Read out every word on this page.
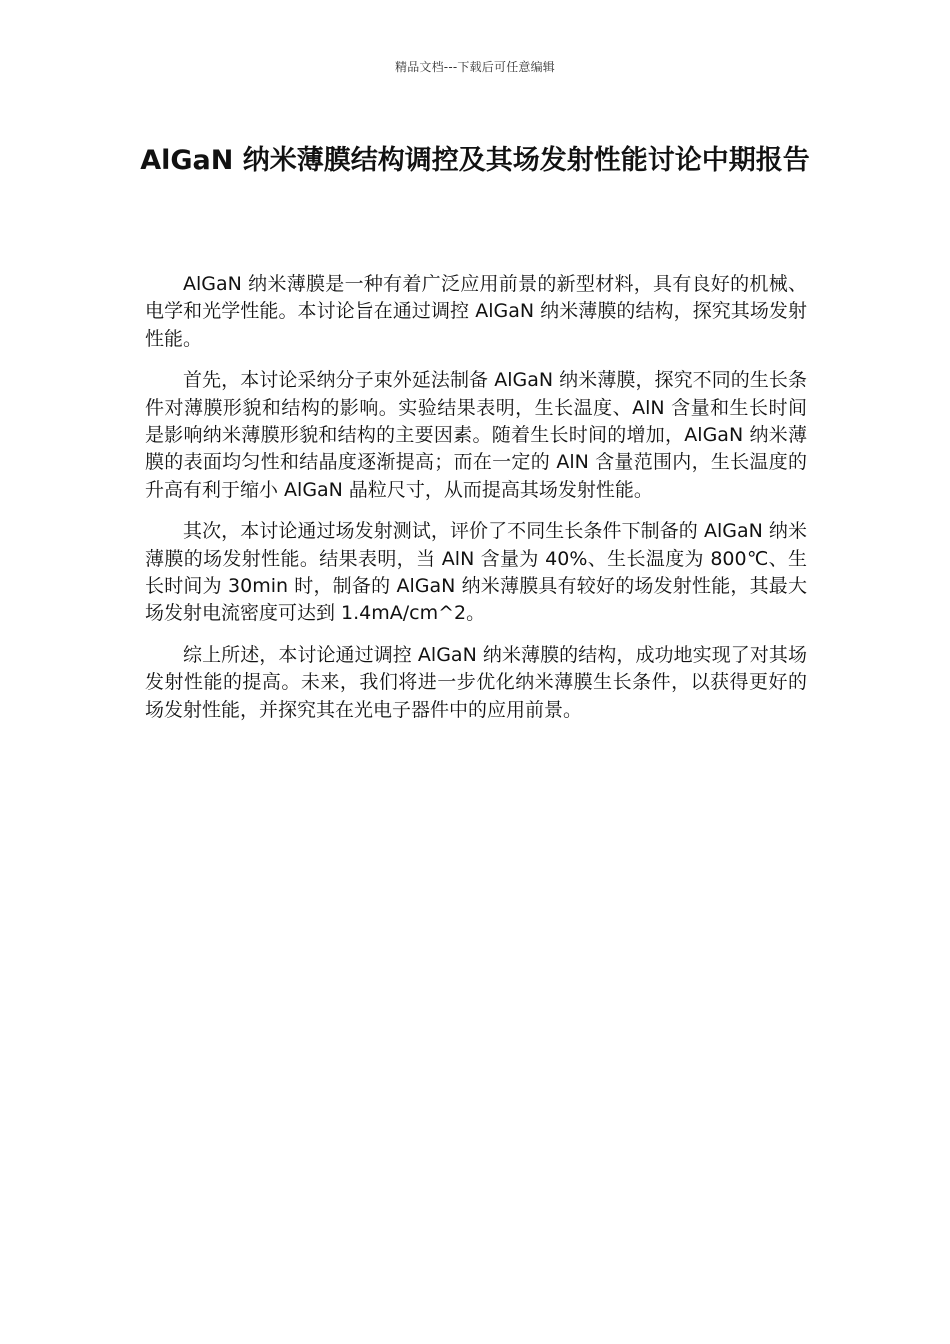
精品文档---下载后可任意编辑
AlGaN 纳米薄膜结构调控及其场发射性能讨论中期报告

AlGaN 纳米薄膜是一种有着广泛应用前景的新型材料，具有良好的机械、电学和光学性能。本讨论旨在通过调控 AlGaN 纳米薄膜的结构，探究其场发射性能。

首先，本讨论采纳分子束外延法制备 AlGaN 纳米薄膜，探究不同的生长条件对薄膜形貌和结构的影响。实验结果表明，生长温度、AlN 含量和生长时间是影响纳米薄膜形貌和结构的主要因素。随着生长时间的增加，AlGaN 纳米薄膜的表面均匀性和结晶度逐渐提高；而在一定的 AlN 含量范围内，生长温度的升高有利于缩小 AlGaN 晶粒尺寸，从而提高其场发射性能。

其次，本讨论通过场发射测试，评价了不同生长条件下制备的 AlGaN 纳米薄膜的场发射性能。结果表明，当 AlN 含量为 40%、生长温度为 800℃、生长时间为 30min 时，制备的 AlGaN 纳米薄膜具有较好的场发射性能，其最大场发射电流密度可达到 1.4mA/cm^2。

综上所述，本讨论通过调控 AlGaN 纳米薄膜的结构，成功地实现了对其场发射性能的提高。未来，我们将进一步优化纳米薄膜生长条件，以获得更好的场发射性能，并探究其在光电子器件中的应用前景。
